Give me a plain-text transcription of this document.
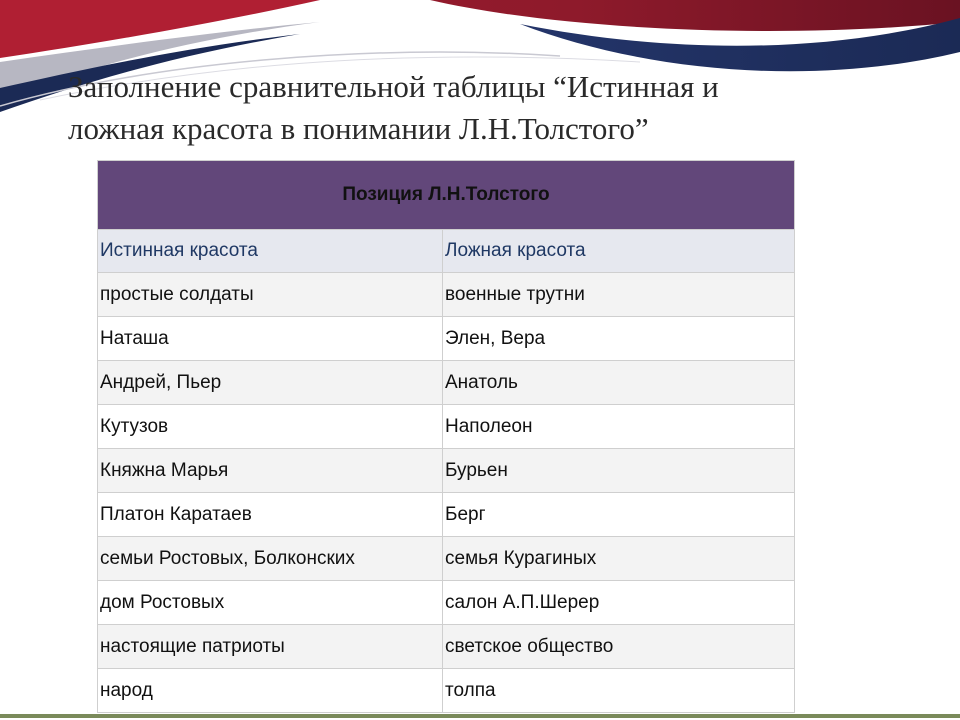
Заполнение сравнительной таблицы “Истинная и
ложная красота в понимании Л.Н.Толстого”
Позиция Л.Н.Толстого	
Истинная красота	Ложная красота
простые солдаты	военные трутни
Наташа	Элен, Вера
Андрей, Пьер	Анатоль
Кутузов	Наполеон
Княжна Марья	Бурьен
Платон Каратаев	Берг
семьи Ростовых, Болконских	семья Курагиных
дом Ростовых	салон А.П.Шерер
настоящие патриоты	светское общество
народ	толпа
